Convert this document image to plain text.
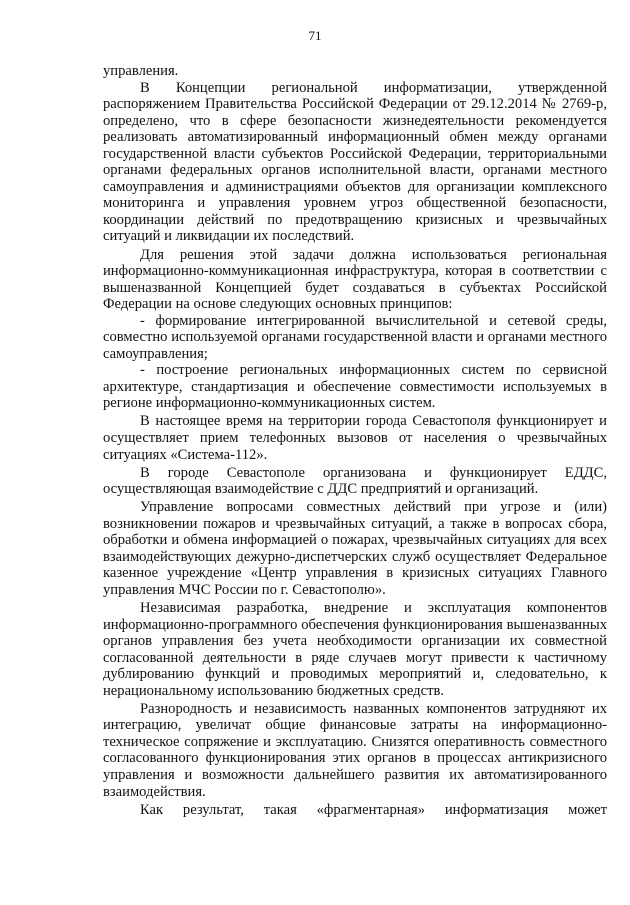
71

управления.

В Концепции региональной информатизации, утвержденной распоряжением Правительства Российской Федерации от 29.12.2014 № 2769-р, определено, что в сфере безопасности жизнедеятельности рекомендуется реализовать автоматизированный информационный обмен между органами государственной власти субъектов Российской Федерации, территориальными органами федеральных органов исполнительной власти, органами местного самоуправления и администрациями объектов для организации комплексного мониторинга и управления уровнем угроз общественной безопасности, координации действий по предотвращению кризисных и чрезвычайных ситуаций и ликвидации их последствий.

Для решения этой задачи должна использоваться региональная информационно-коммуникационная инфраструктура, которая в соответствии с вышеназванной Концепцией будет создаваться в субъектах Российской Федерации на основе следующих основных принципов:

- формирование интегрированной вычислительной и сетевой среды, совместно используемой органами государственной власти и органами местного самоуправления;

- построение региональных информационных систем по сервисной архитектуре, стандартизация и обеспечение совместимости используемых в регионе информационно-коммуникационных систем.

В настоящее время на территории города Севастополя функционирует и осуществляет прием телефонных вызовов от населения о чрезвычайных ситуациях «Система-112».

В городе Севастополе организована и функционирует ЕДДС, осуществляющая взаимодействие с ДДС предприятий и организаций.

Управление вопросами совместных действий при угрозе и (или) возникновении пожаров и чрезвычайных ситуаций, а также в вопросах сбора, обработки и обмена информацией о пожарах, чрезвычайных ситуациях для всех взаимодействующих дежурно-диспетчерских служб осуществляет Федеральное казенное учреждение «Центр управления в кризисных ситуациях Главного управления МЧС России по г. Севастополю».

Независимая разработка, внедрение и эксплуатация компонентов информационно-программного обеспечения функционирования вышеназванных органов управления без учета необходимости организации их совместной согласованной деятельности в ряде случаев могут привести к частичному дублированию функций и проводимых мероприятий и, следовательно, к нерациональному использованию бюджетных средств.

Разнородность и независимость названных компонентов затрудняют их интеграцию, увеличат общие финансовые затраты на информационно-техническое сопряжение и эксплуатацию. Снизятся оперативность совместного согласованного функционирования этих органов в процессах антикризисного управления и возможности дальнейшего развития их автоматизированного взаимодействия.

Как результат, такая «фрагментарная» информатизация может
